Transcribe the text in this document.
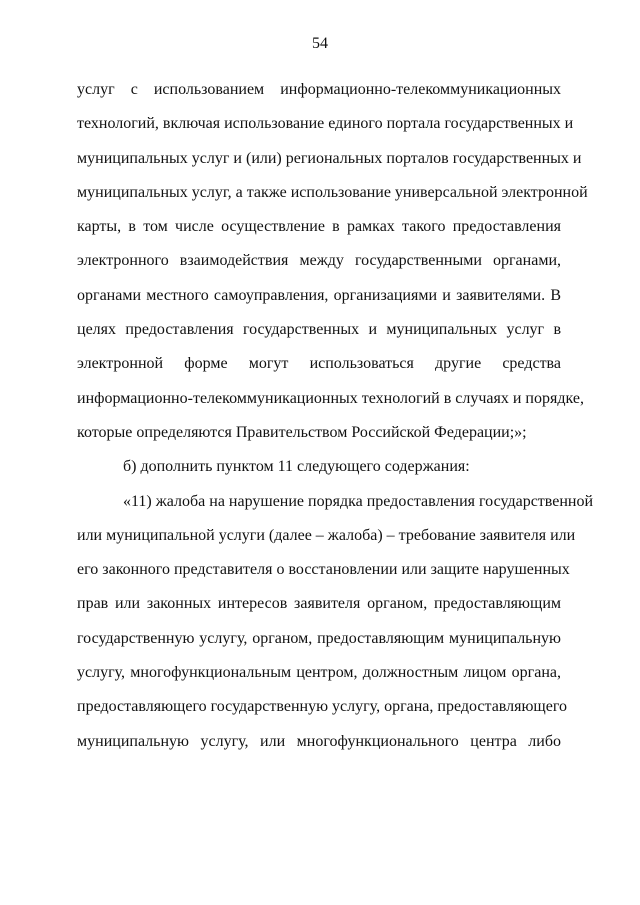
54
услуг с использованием информационно-телекоммуникационных
технологий, включая использование единого портала государственных и
муниципальных услуг и (или) региональных порталов государственных и
муниципальных услуг, а также использование универсальной электронной
карты, в том числе осуществление в рамках такого предоставления
электронного взаимодействия между государственными органами,
органами местного самоуправления, организациями и заявителями. В
целях предоставления государственных и муниципальных услуг в
электронной форме могут использоваться другие средства
информационно-телекоммуникационных технологий в случаях и порядке,
которые определяются Правительством Российской Федерации;»;
б) дополнить пунктом 11 следующего содержания:
«11) жалоба на нарушение порядка предоставления государственной
или муниципальной услуги (далее – жалоба) – требование заявителя или
его законного представителя о восстановлении или защите нарушенных
прав или законных интересов заявителя органом, предоставляющим
государственную услугу, органом, предоставляющим муниципальную
услугу, многофункциональным центром, должностным лицом органа,
предоставляющего государственную услугу, органа, предоставляющего
муниципальную услугу, или многофункционального центра либо
